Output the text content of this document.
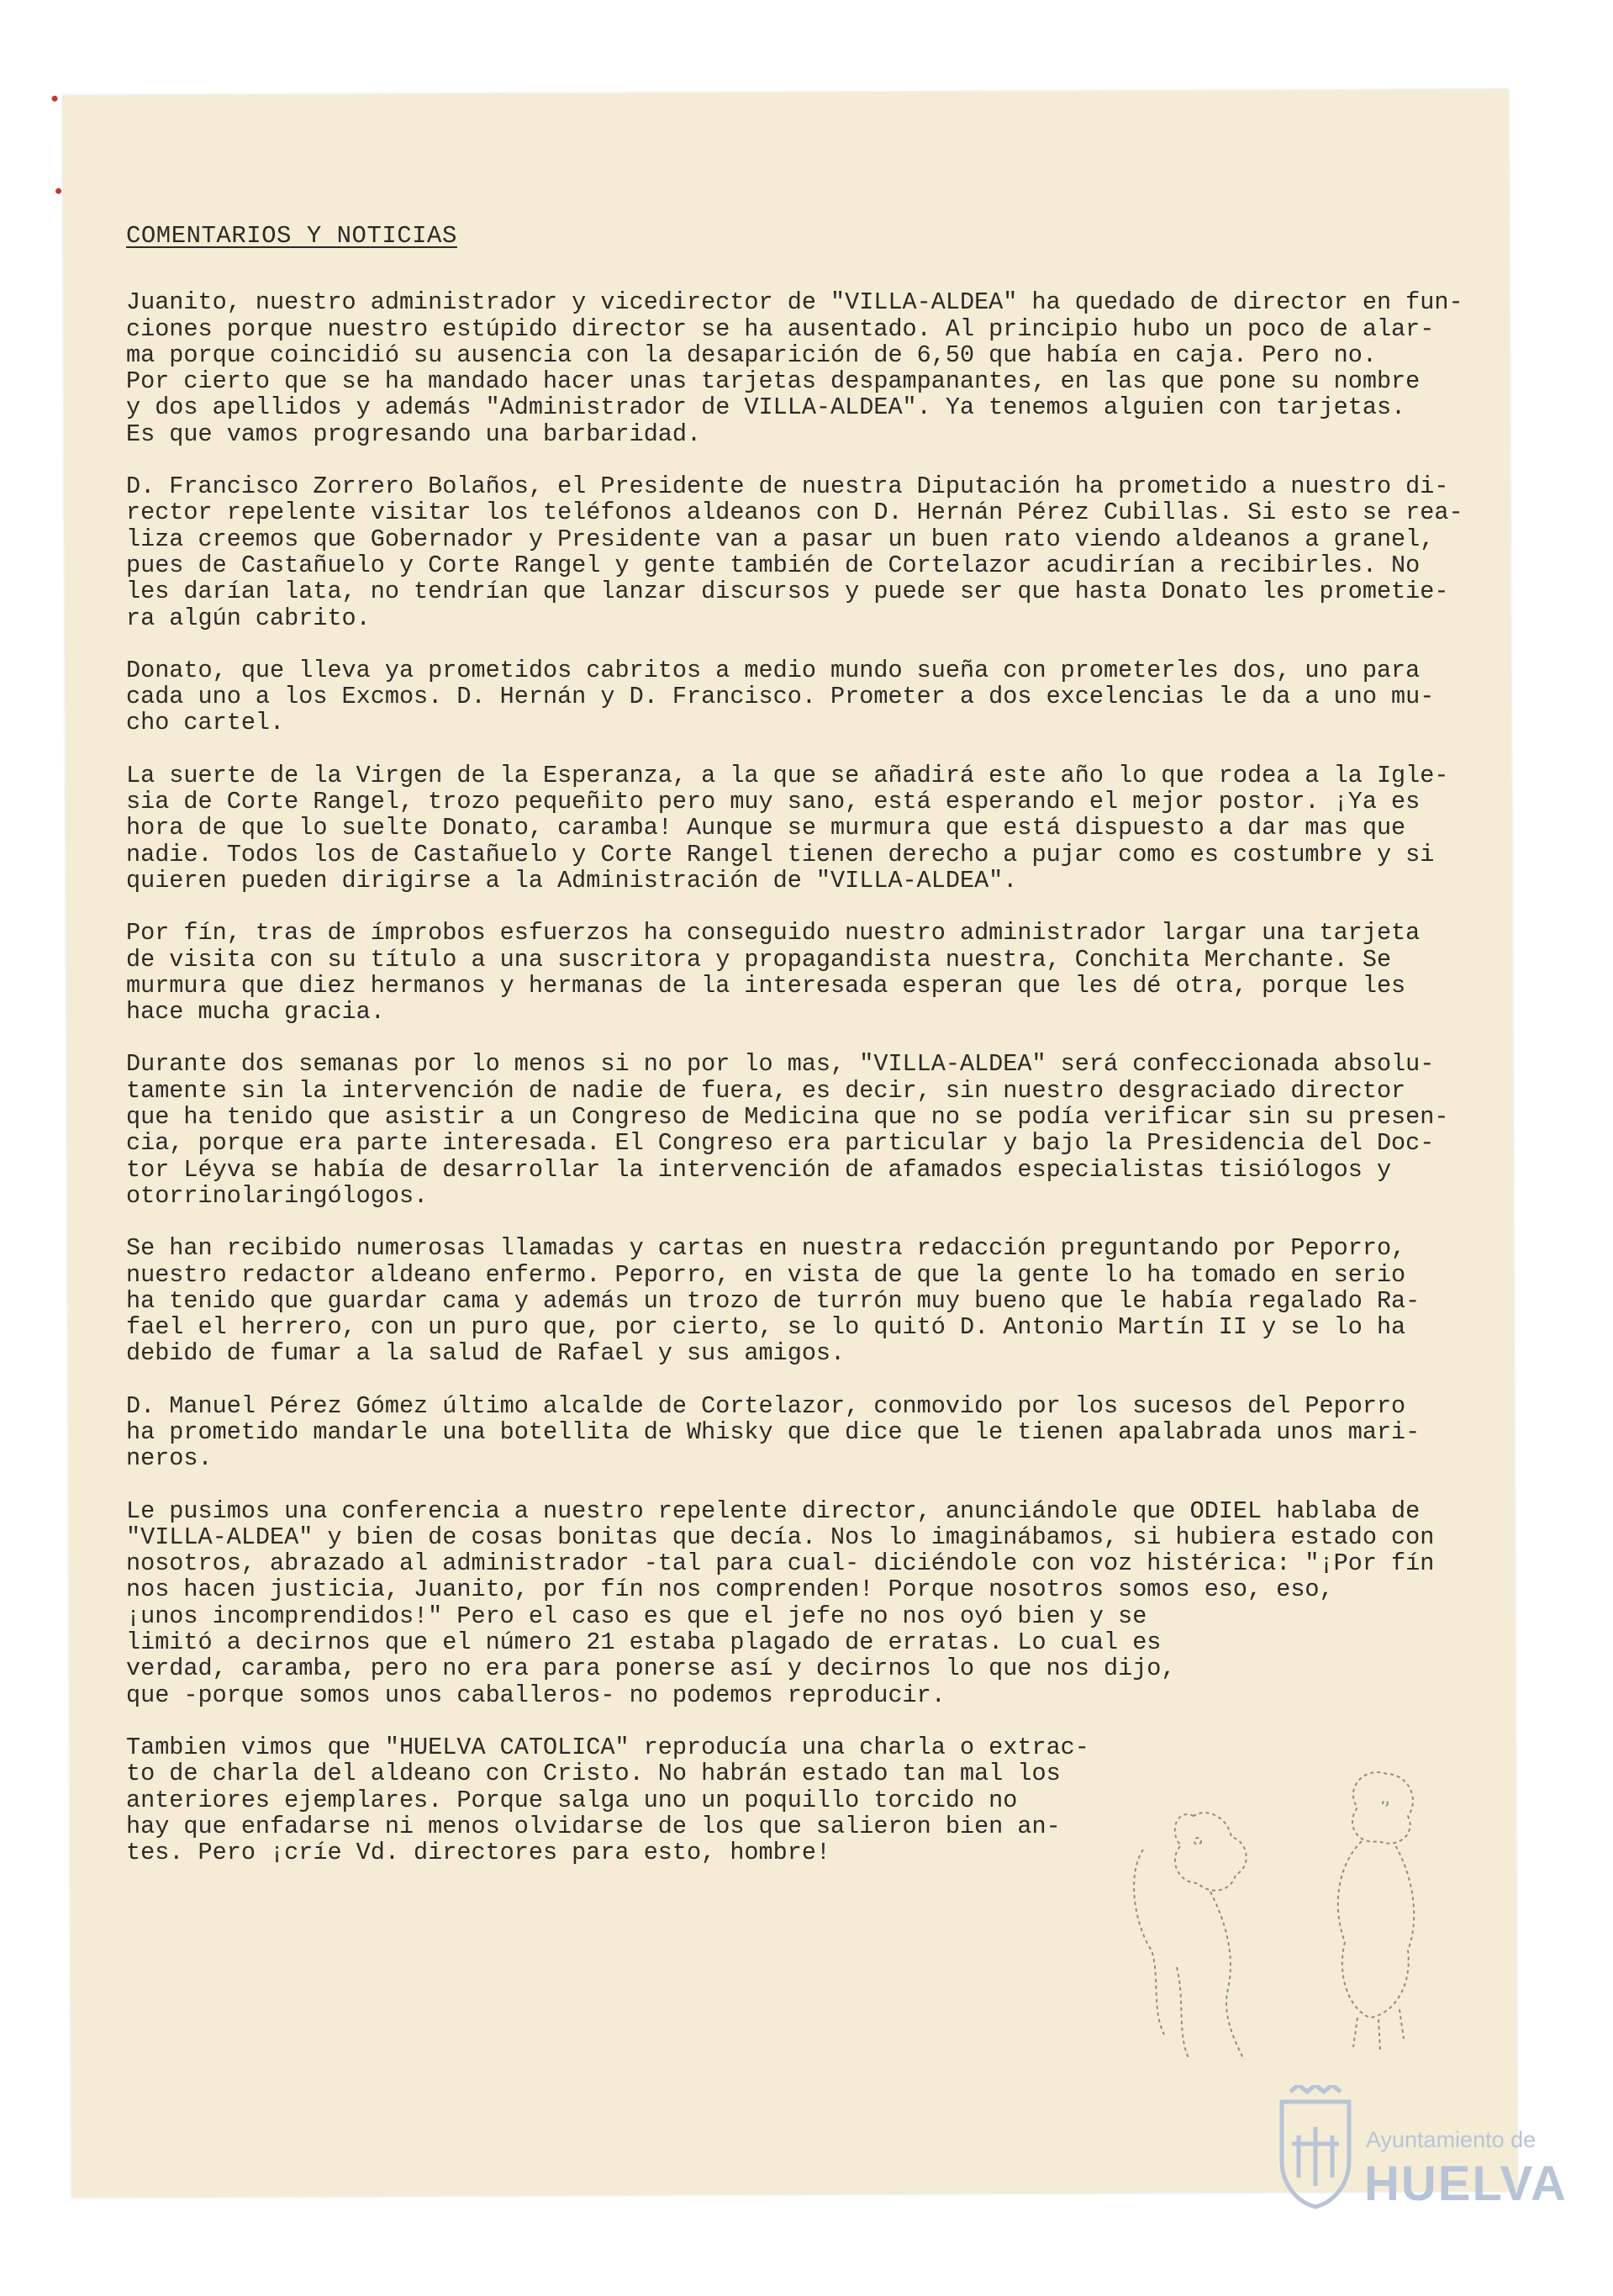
COMENTARIOS Y NOTICIAS
Juanito, nuestro administrador y vicedirector de "VILLA-ALDEA" ha quedado de director en fun-
ciones porque nuestro estúpido director se ha ausentado. Al principio hubo un poco de alar-
ma porque coincidió su ausencia con la desaparición de 6,50 que había en caja. Pero no.
Por cierto que se ha mandado hacer unas tarjetas despampanantes, en las que pone su nombre
y dos apellidos y además "Administrador de VILLA-ALDEA". Ya tenemos alguien con tarjetas.
Es que vamos progresando una barbaridad.
D. Francisco Zorrero Bolaños, el Presidente de nuestra Diputación ha prometido a nuestro di-
rector repelente visitar los teléfonos aldeanos con D. Hernán Pérez Cubillas. Si esto se rea-
liza creemos que Gobernador y Presidente van a pasar un buen rato viendo aldeanos a granel,
pues de Castañuelo y Corte Rangel y gente también de Cortelazor acudirían a recibirles. No
les darían lata, no tendrían que lanzar discursos y puede ser que hasta Donato les prometie-
ra algún cabrito.
Donato, que lleva ya prometidos cabritos a medio mundo sueña con prometerles dos, uno para
cada uno a los Excmos. D. Hernán y D. Francisco. Prometer a dos excelencias le da a uno mu-
cho cartel.
La suerte de la Virgen de la Esperanza, a la que se añadirá este año lo que rodea a la Igle-
sia de Corte Rangel, trozo pequeñito pero muy sano, está esperando el mejor postor. ¡Ya es
hora de que lo suelte Donato, caramba! Aunque se murmura que está dispuesto a dar mas que
nadie. Todos los de Castañuelo y Corte Rangel tienen derecho a pujar como es costumbre y si
quieren pueden dirigirse a la Administración de "VILLA-ALDEA".
Por fín, tras de ímprobos esfuerzos ha conseguido nuestro administrador largar una tarjeta
de visita con su título a una suscritora y propagandista nuestra, Conchita Merchante. Se
murmura que diez hermanos y hermanas de la interesada esperan que les dé otra, porque les
hace mucha gracia.
Durante dos semanas por lo menos si no por lo mas, "VILLA-ALDEA" será confeccionada absolu-
tamente sin la intervención de nadie de fuera, es decir, sin nuestro desgraciado director
que ha tenido que asistir a un Congreso de Medicina que no se podía verificar sin su presen-
cia, porque era parte interesada. El Congreso era particular y bajo la Presidencia del Doc-
tor Léyva se había de desarrollar la intervención de afamados especialistas tisiólogos y
otorrinolaringólogos.
Se han recibido numerosas llamadas y cartas en nuestra redacción preguntando por Peporro,
nuestro redactor aldeano enfermo. Peporro, en vista de que la gente lo ha tomado en serio
ha tenido que guardar cama y además un trozo de turrón muy bueno que le había regalado Ra-
fael el herrero, con un puro que, por cierto, se lo quitó D. Antonio Martín II y se lo ha
debido de fumar a la salud de Rafael y sus amigos.
D. Manuel Pérez Gómez último alcalde de Cortelazor, conmovido por los sucesos del Peporro
ha prometido mandarle una botellita de Whisky que dice que le tienen apalabrada unos mari-
neros.
Le pusimos una conferencia a nuestro repelente director, anunciándole que ODIEL hablaba de
"VILLA-ALDEA" y bien de cosas bonitas que decía. Nos lo imaginábamos, si hubiera estado con
nosotros, abrazado al administrador -tal para cual- diciéndole con voz histérica: "¡Por fín
nos hacen justicia, Juanito, por fín nos comprenden! Porque nosotros somos eso, eso,
¡unos incomprendidos!" Pero el caso es que el jefe no nos oyó bien y se
limitó a decirnos que el número 21 estaba plagado de erratas. Lo cual es
verdad, caramba, pero no era para ponerse así y decirnos lo que nos dijo,
que -porque somos unos caballeros- no podemos reproducir.
Tambien vimos que "HUELVA CATOLICA" reproducía una charla o extrac-
to de charla del aldeano con Cristo. No habrán estado tan mal los
anteriores ejemplares. Porque salga uno un poquillo torcido no
hay que enfadarse ni menos olvidarse de los que salieron bien an-
tes. Pero ¡críe Vd. directores para esto, hombre!
Ayuntamiento de
HUELVA
